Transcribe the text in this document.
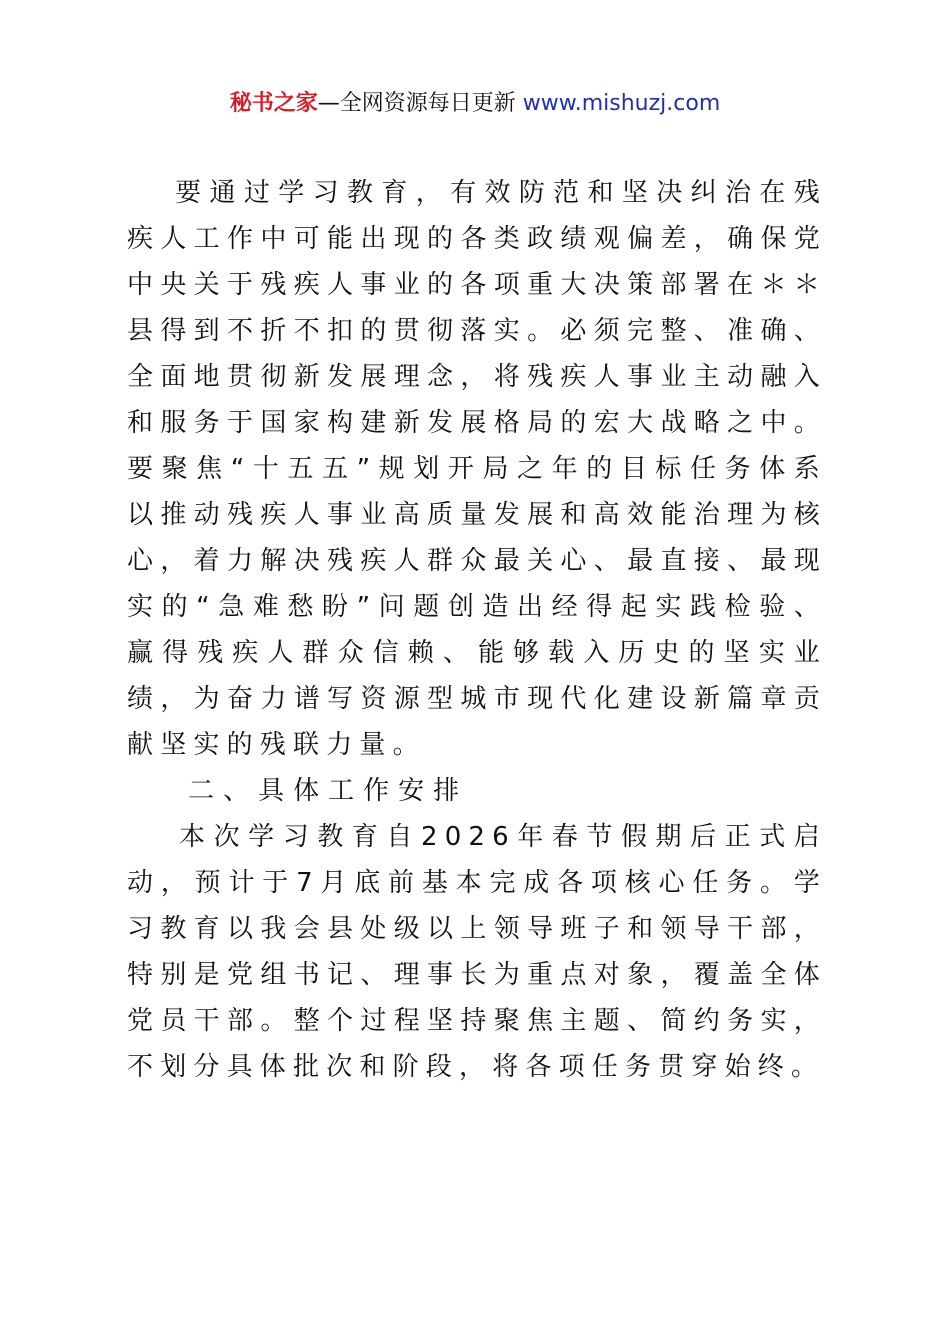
秘书之家—全网资源每日更新 www.mishuzj.com

要通过学习教育，有效防范和坚决纠治在残疾人工作中可能出现的各类政绩观偏差，确保党中央关于残疾人事业的各项重大决策部署在＊＊县得到不折不扣的贯彻落实。必须完整、准确、全面地贯彻新发展理念，将残疾人事业主动融入和服务于国家构建新发展格局的宏大战略之中。要聚焦“十五五”规划开局之年的目标任务体系以推动残疾人事业高质量发展和高效能治理为核心，着力解决残疾人群众最关心、最直接、最现实的“急难愁盼”问题创造出经得起实践检验、赢得残疾人群众信赖、能够载入历史的坚实业绩，为奋力谱写资源型城市现代化建设新篇章贡献坚实的残联力量。

二、具体工作安排

本次学习教育自2026年春节假期后正式启动，预计于7月底前基本完成各项核心任务。学习教育以我会县处级以上领导班子和领导干部，特别是党组书记、理事长为重点对象，覆盖全体党员干部。整个过程坚持聚焦主题、简约务实，不划分具体批次和阶段，将各项任务贯穿始终。
